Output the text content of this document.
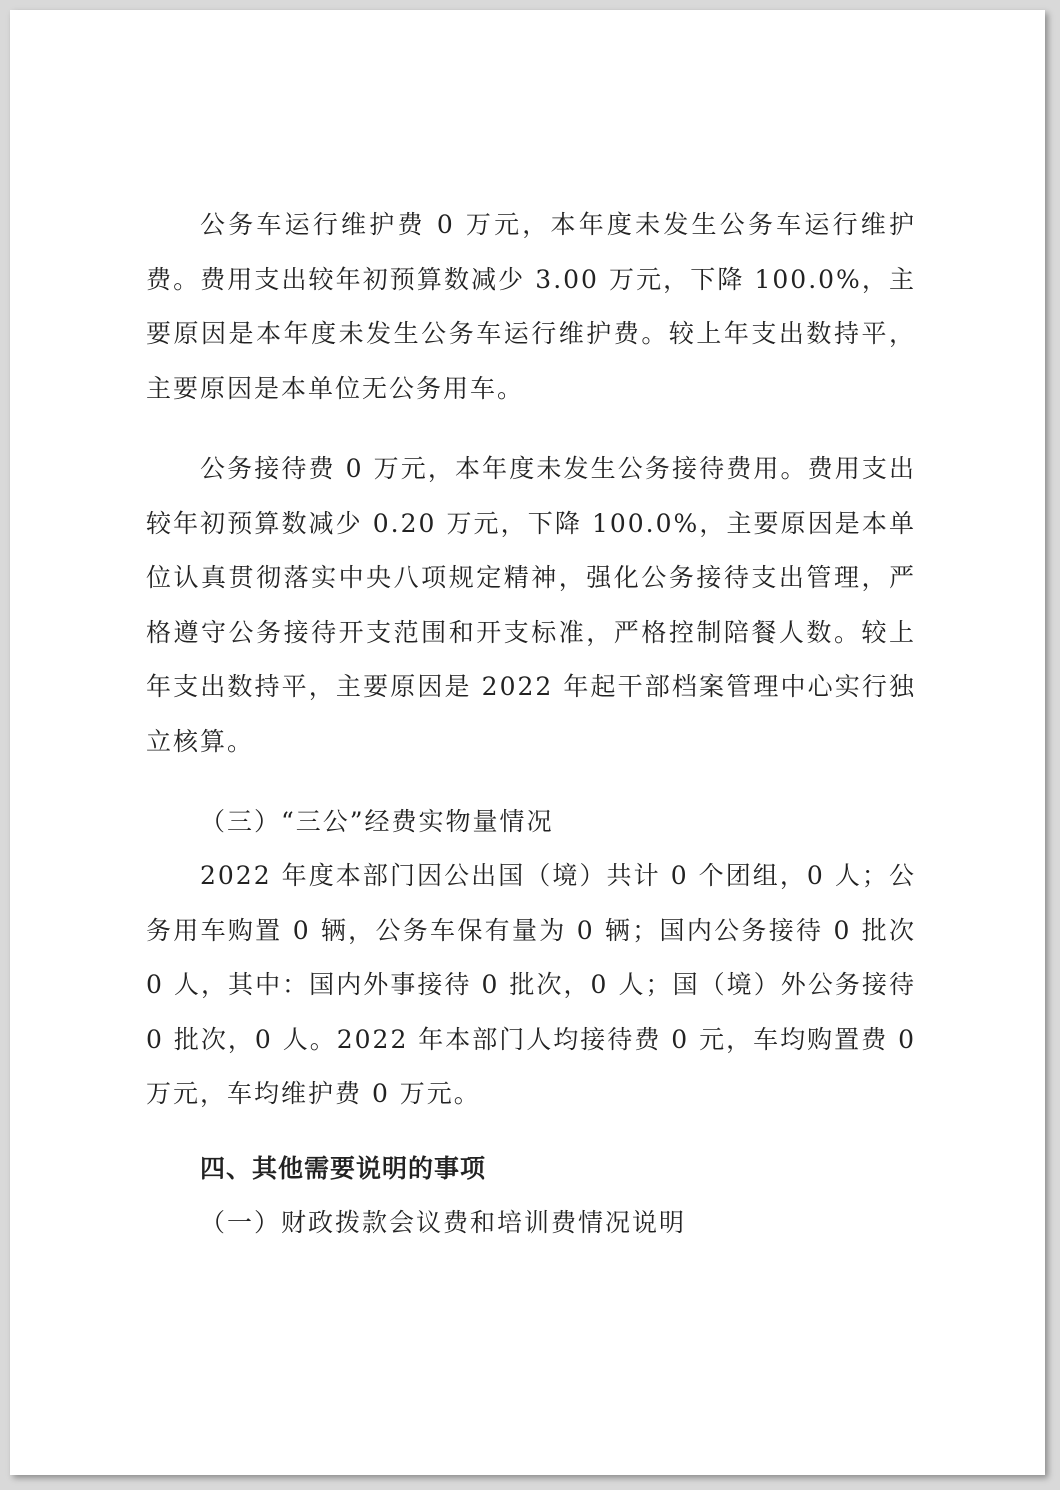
公务车运行维护费 0 万元，本年度未发生公务车运行维护费。费用支出较年初预算数减少 3.00 万元，下降 100.0%，主要原因是本年度未发生公务车运行维护费。较上年支出数持平，主要原因是本单位无公务用车。

公务接待费 0 万元，本年度未发生公务接待费用。费用支出较年初预算数减少 0.20 万元，下降 100.0%，主要原因是本单位认真贯彻落实中央八项规定精神，强化公务接待支出管理，严格遵守公务接待开支范围和开支标准，严格控制陪餐人数。较上年支出数持平，主要原因是 2022 年起干部档案管理中心实行独立核算。

（三）“三公”经费实物量情况

2022 年度本部门因公出国（境）共计 0 个团组，0 人；公务用车购置 0 辆，公务车保有量为 0 辆；国内公务接待 0 批次 0 人，其中：国内外事接待 0 批次，0 人；国（境）外公务接待 0 批次，0 人。2022 年本部门人均接待费 0 元，车均购置费 0 万元，车均维护费 0 万元。

四、其他需要说明的事项

（一）财政拨款会议费和培训费情况说明
